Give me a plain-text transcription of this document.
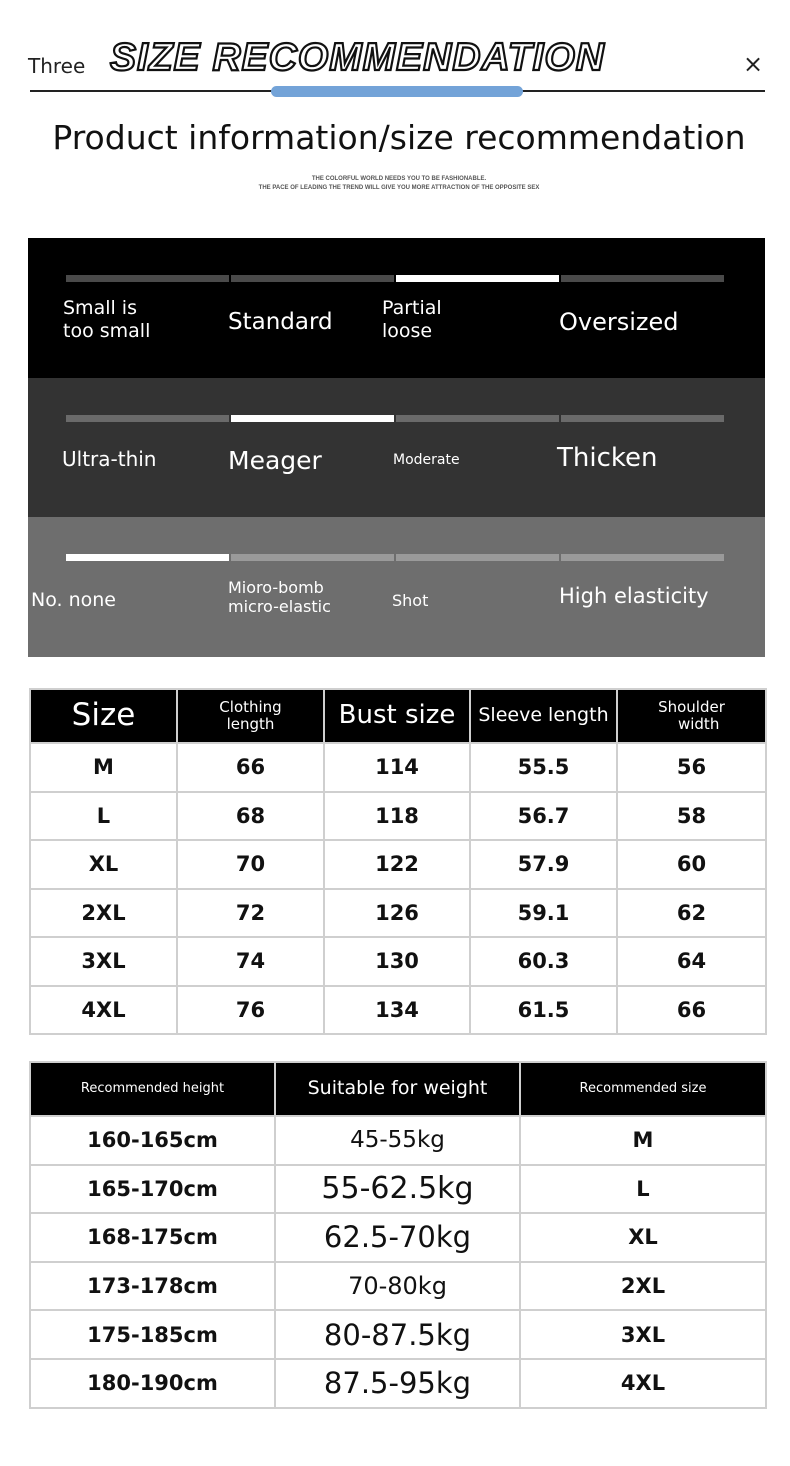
Three SIZE RECOMMENDATION	×
Product information/size recommendation
THE COLORFUL WORLD NEEDS YOU TO BE FASHIONABLE.
THE PACE OF LEADING THE TREND WILL GIVE YOU MORE ATTRACTION OF THE OPPOSITE SEX
Small is
too small	Standard
Partial
loose	Oversized
Ultra-thin	Meager	Moderate	Thicken
No. none
Mioro-bomb
micro-elastic	Shot	High elasticity
Size	Clothing
length	Bust size	Sleeve length	Shoulder
width
M	66	114	55.5	56
L	68	118	56.7	58
XL	70	122	57.9	60
2XL	72	126	59.1	62
3XL	74	130	60.3	64
4XL	76	134	61.5	66
Recommended height	Suitable for weight	Recommended size
160-165cm	45-55kg	M
165-170cm	55-62.5kg	L
168-175cm	62.5-70kg	XL
173-178cm	70-80kg	2XL
175-185cm	80-87.5kg	3XL
180-190cm	87.5-95kg	4XL
